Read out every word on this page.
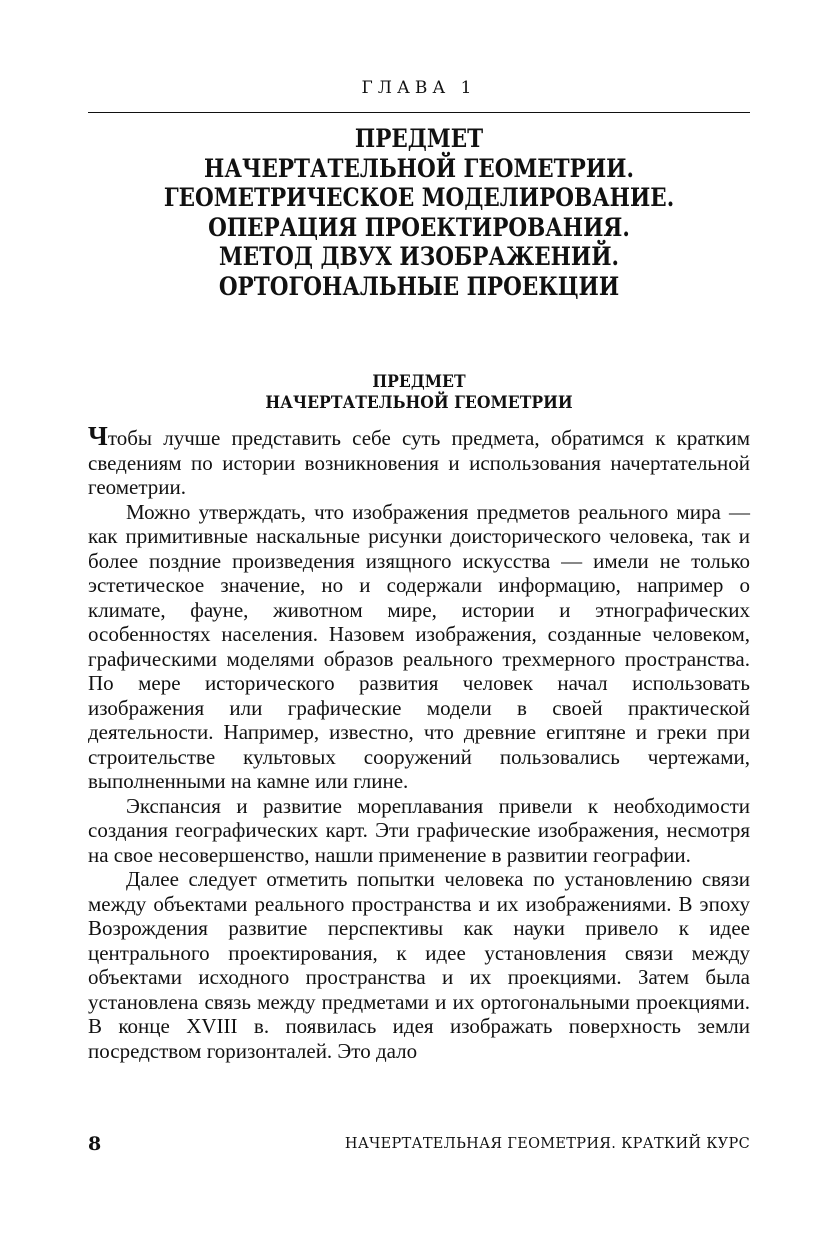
ГЛАВА 1
ПРЕДМЕТ
НАЧЕРТАТЕЛЬНОЙ ГЕОМЕТРИИ.
ГЕОМЕТРИЧЕСКОЕ МОДЕЛИРОВАНИЕ.
ОПЕРАЦИЯ ПРОЕКТИРОВАНИЯ.
МЕТОД ДВУХ ИЗОБРАЖЕНИЙ.
ОРТОГОНАЛЬНЫЕ ПРОЕКЦИИ
ПРЕДМЕТ
НАЧЕРТАТЕЛЬНОЙ ГЕОМЕТРИИ

Чтобы лучше представить себе суть предмета, обратимся к кратким сведениям по истории возникновения и использования начертательной геометрии.

Можно утверждать, что изображения предметов реального мира — как примитивные наскальные рисунки доисторического человека, так и более поздние произведения изящного искусства — имели не только эстетическое значение, но и содержали информацию, например о климате, фауне, животном мире, истории и этнографических особенностях населения. Назовем изображения, созданные человеком, графическими моделями образов реального трехмерного пространства. По мере исторического развития человек начал использовать изображения или графические модели в своей практической деятельности. Например, известно, что древние египтяне и греки при строительстве культовых сооружений пользовались чертежами, выполненными на камне или глине.

Экспансия и развитие мореплавания привели к необходимости создания географических карт. Эти графические изображения, несмотря на свое несовершенство, нашли применение в развитии географии.

Далее следует отметить попытки человека по установлению связи между объектами реального пространства и их изображениями. В эпоху Возрождения развитие перспективы как науки привело к идее центрального проектирования, к идее установления связи между объектами исходного пространства и их проекциями. Затем была установлена связь между предметами и их ортогональными проекциями. В конце XVIII в. появилась идея изображать поверхность земли посредством горизонталей. Это дало

8	НАЧЕРТАТЕЛЬНАЯ ГЕОМЕТРИЯ. КРАТКИЙ КУРС
